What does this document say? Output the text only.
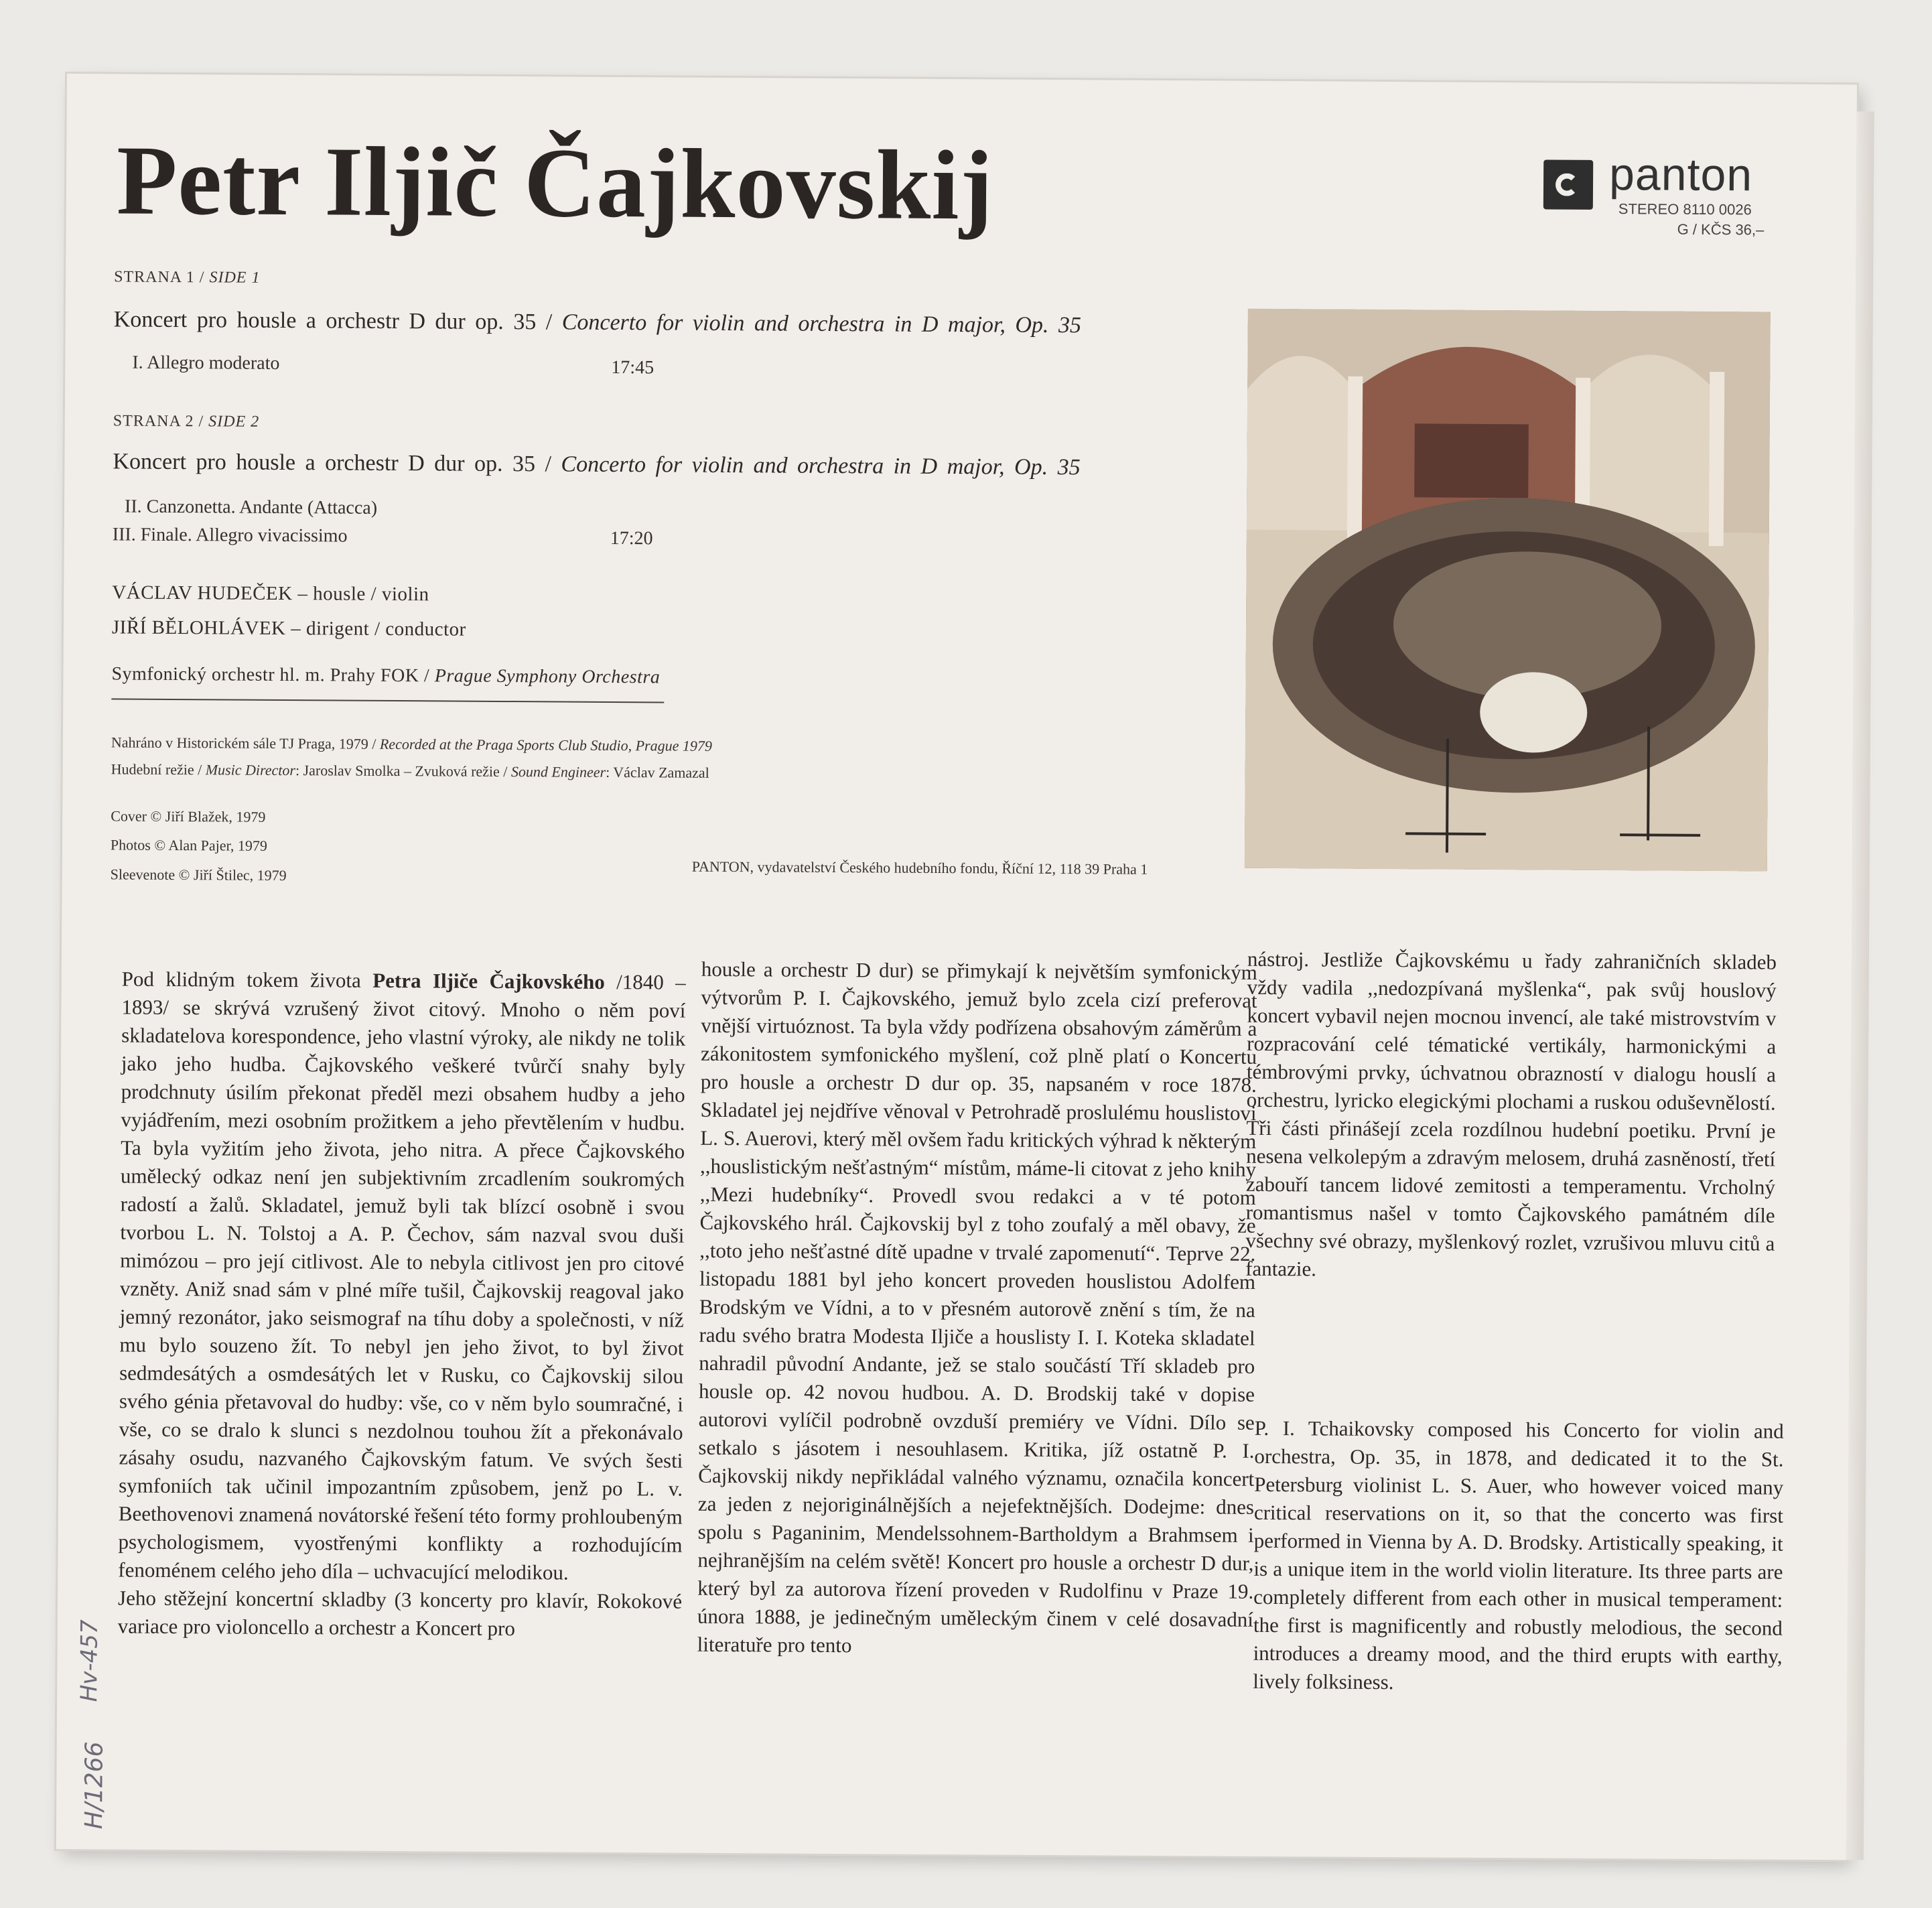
Petr Iljič Čajkovskij	panton
STEREO 8110 0026
G / KČS 36,–
STRANA 1 / SIDE 1
Koncert pro housle a orchestr D dur op. 35 / Concerto for violin and orchestra in D major, Op. 35
I. Allegro moderato	17:45
STRANA 2 / SIDE 2
Koncert pro housle a orchestr D dur op. 35 / Concerto for violin and orchestra in D major, Op. 35
II. Canzonetta. Andante (Attacca)
III. Finale. Allegro vivacissimo	17:20
VÁCLAV HUDEČEK – housle / violin
JIŘÍ BĚLOHLÁVEK – dirigent / conductor
Symfonický orchestr hl. m. Prahy FOK / Prague Symphony Orchestra
Nahráno v Historickém sále TJ Praga, 1979 / Recorded at the Praga Sports Club Studio, Prague 1979
Hudební režie / Music Director: Jaroslav Smolka – Zvuková režie / Sound Engineer: Václav Zamazal
Cover © Jiří Blažek, 1979
Photos © Alan Pajer, 1979
Sleevenote © Jiří Štilec, 1979	PANTON, vydavatelství Českého hudebního fondu, Říční 12, 118 39 Praha 1
Pod klidným tokem života Petra Iljiče Čajkovského /1840 – 1893/ se skrývá vzrušený život citový. Mnoho o něm poví skladatelova korespondence, jeho vlastní výroky, ale nikdy ne tolik jako jeho hudba. Čajkovského veškeré tvůrčí snahy byly prodchnuty úsilím překonat předěl mezi obsahem hudby a jeho vyjádřením, mezi osobním prožitkem a jeho převtělením v hudbu. Ta byla vyžitím jeho života, jeho nitra. A přece Čajkovského umělecký odkaz není jen subjektivním zrcadlením soukromých radostí a žalů. Skladatel, jemuž byli tak blízcí osobně i svou tvorbou L. N. Tolstoj a A. P. Čechov, sám nazval svou duši mimózou – pro její citlivost. Ale to nebyla citlivost jen pro citové vzněty. Aniž snad sám v plné míře tušil, Čajkovskij reagoval jako jemný rezonátor, jako seismograf na tíhu doby a společnosti, v níž mu bylo souzeno žít. To nebyl jen jeho život, to byl život sedmdesátých a osmdesátých let v Rusku, co Čajkovskij silou svého génia přetavoval do hudby: vše, co v něm bylo soumračné, i vše, co se dralo k slunci s nezdolnou touhou žít a překonávalo zásahy osudu, nazvaného Čajkovským fatum. Ve svých šesti symfoniích tak učinil impozantním způsobem, jenž po L. v. Beethovenovi znamená novátorské řešení této formy prohloubeným psychologismem, vyostřenými konflikty a rozhodujícím fenoménem celého jeho díla – uchvacující melodikou.
Jeho stěžejní koncertní skladby (3 koncerty pro klavír, Rokokové variace pro violoncello a orchestr a Koncert pro
housle a orchestr D dur) se přimykají k největším symfonickým výtvorům P. I. Čajkovského, jemuž bylo zcela cizí preferovat vnější virtuóznost. Ta byla vždy podřízena obsahovým záměrům a zákonitostem symfonického myšlení, což plně platí o Koncertu pro housle a orchestr D dur op. 35, napsaném v roce 1878. Skladatel jej nejdříve věnoval v Petrohradě proslulému houslistovi L. S. Auerovi, který měl ovšem řadu kritických výhrad k některým ,,houslistickým nešťastným“ místům, máme-li citovat z jeho knihy ,,Mezi hudebníky“. Provedl svou redakci a v té potom Čajkovského hrál. Čajkovskij byl z toho zoufalý a měl obavy, že ,,toto jeho nešťastné dítě upadne v trvalé zapomenutí“. Teprve 22. listopadu 1881 byl jeho koncert proveden houslistou Adolfem Brodským ve Vídni, a to v přesném autorově znění s tím, že na radu svého bratra Modesta Iljiče a houslisty I. I. Koteka skladatel nahradil původní Andante, jež se stalo součástí Tří skladeb pro housle op. 42 novou hudbou. A. D. Brodskij také v dopise autorovi vylíčil podrobně ovzduší premiéry ve Vídni. Dílo se setkalo s jásotem i nesouhlasem. Kritika, jíž ostatně P. I. Čajkovskij nikdy nepřikládal valného významu, označila koncert za jeden z nejoriginálnějších a nejefektnějších. Dodejme: dnes spolu s Paganinim, Mendelssohnem-Bartholdym a Brahmsem i nejhranějším na celém světě! Koncert pro housle a orchestr D dur, který byl za autorova řízení proveden v Rudolfinu v Praze 19. února 1888, je jedinečným uměleckým činem v celé dosavadní literatuře pro tento
nástroj. Jestliže Čajkovskému u řady zahraničních skladeb vždy vadila ,,nedozpívaná myšlenka“, pak svůj houslový koncert vybavil nejen mocnou invencí, ale také mistrovstvím v rozpracování celé tématické vertikály, harmonickými a témbrovými prvky, úchvatnou obrazností v dialogu houslí a orchestru, lyricko elegickými plochami a ruskou oduševnělostí. Tři části přinášejí zcela rozdílnou hudební poetiku. První je nesena velkolepým a zdravým melosem, druhá zasněností, třetí zabouří tancem lidové zemitosti a temperamentu. Vrcholný romantismus našel v tomto Čajkovského památném díle všechny své obrazy, myšlenkový rozlet, vzrušivou mluvu citů a fantazie.
P. I. Tchaikovsky composed his Concerto for violin and orchestra, Op. 35, in 1878, and dedicated it to the St. Petersburg violinist L. S. Auer, who however voiced many critical reservations on it, so that the concerto was first performed in Vienna by A. D. Brodsky. Artistically speaking, it is a unique item in the world violin literature. Its three parts are completely different from each other in musical temperament: the first is magnificently and robustly melodious, the second introduces a dreamy mood, and the third erupts with earthy, lively folksiness.
Hv-457
H/1266
